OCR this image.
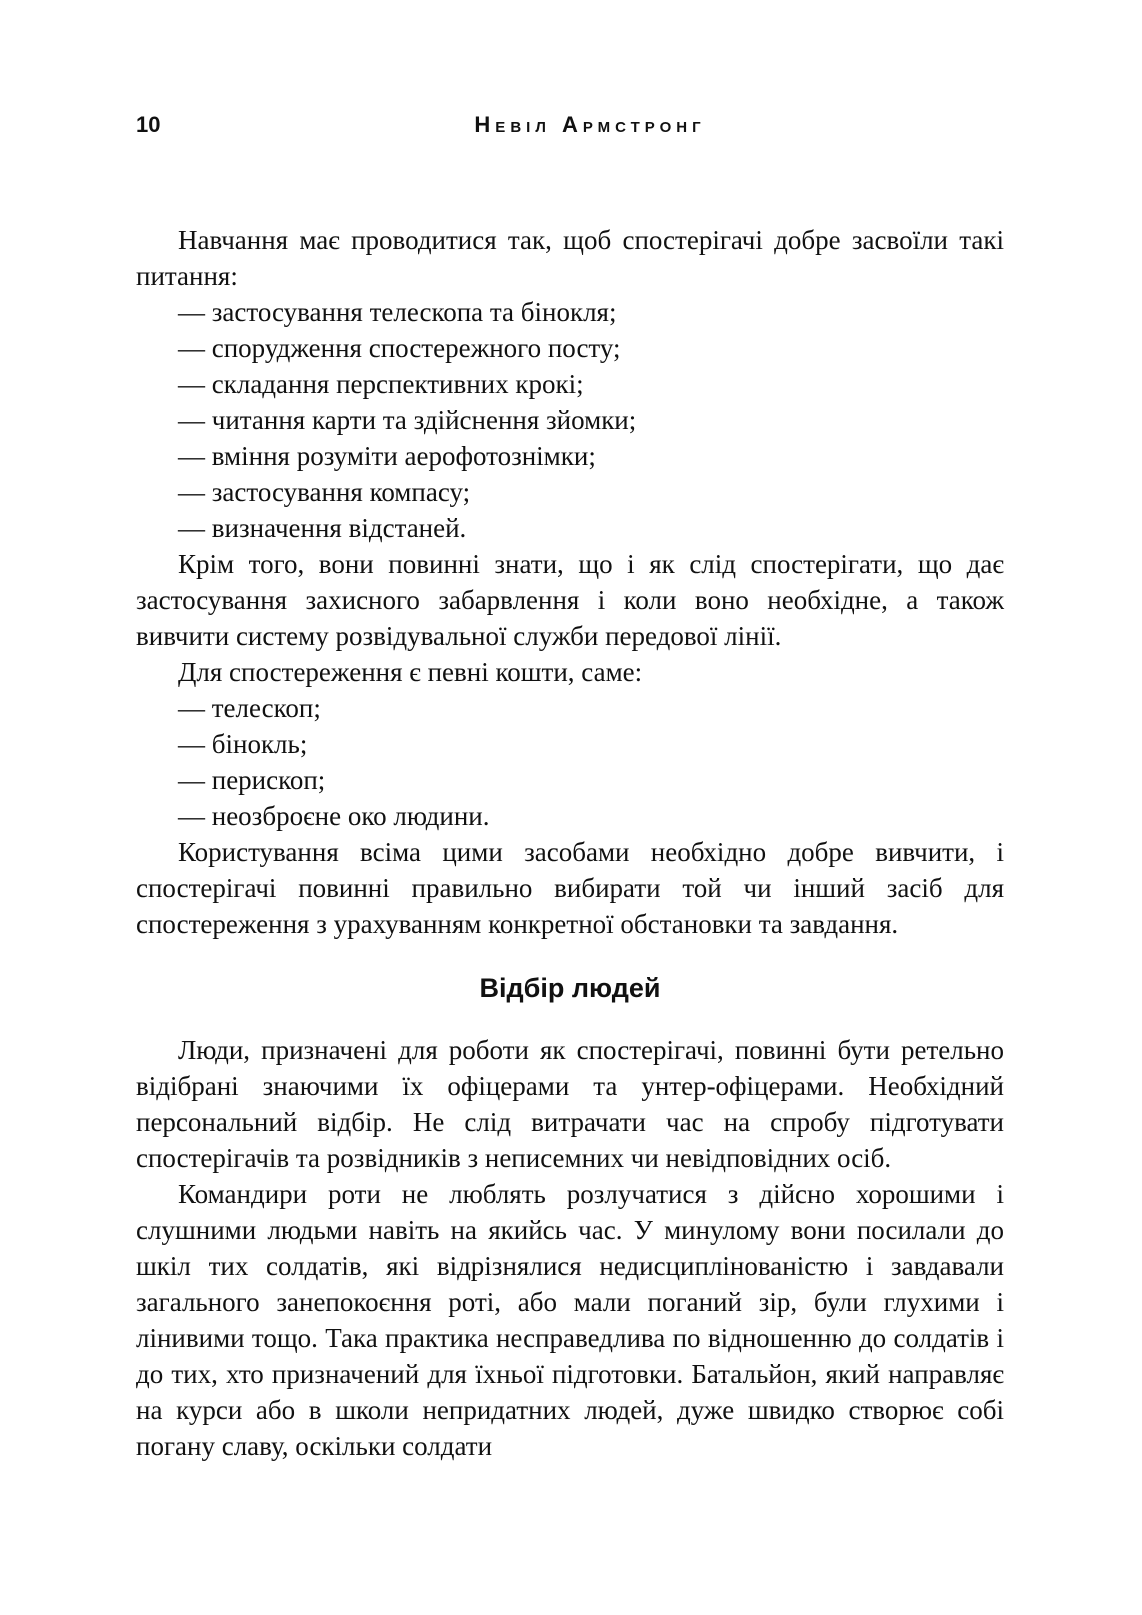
10	Невіл Армстронг

Навчання має проводитися так, щоб спостерігачі добре засвоїли такі питання:

— застосування телескопа та бінокля;
— спорудження спостережного посту;
— складання перспективних крокі;
— читання карти та здійснення зйомки;
— вміння розуміти аерофотознімки;
— застосування компасу;
— визначення відстаней.

Крім того, вони повинні знати, що і як слід спостерігати, що дає застосування захисного забарвлення і коли воно необхідне, а також вивчити систему розвідувальної служби передової лінії.

Для спостереження є певні кошти, саме:

— телескоп;
— бінокль;
— перископ;
— неозброєне око людини.

Користування всіма цими засобами необхідно добре вивчити, і спостерігачі повинні правильно вибирати той чи інший засіб для спостереження з урахуванням конкретної обстановки та завдання.

Відбір людей

Люди, призначені для роботи як спостерігачі, повинні бути ретельно відібрані знаючими їх офіцерами та унтер-офіцерами. Необхідний персональний відбір. Не слід витрачати час на спробу підготувати спостерігачів та розвідників з неписемних чи невідповідних осіб.

Командири роти не люблять розлучатися з дійсно хорошими і слушними людьми навіть на якийсь час. У минулому вони посилали до шкіл тих солдатів, які відрізнялися недисциплінованістю і завдавали загального занепокоєння роті, або мали поганий зір, були глухими і лінивими тощо. Така практика несправедлива по відношенню до солдатів і до тих, хто призначений для їхньої підготовки. Батальйон, який направляє на курси або в школи непридатних людей, дуже швидко створює собі погану славу, оскільки солдати
